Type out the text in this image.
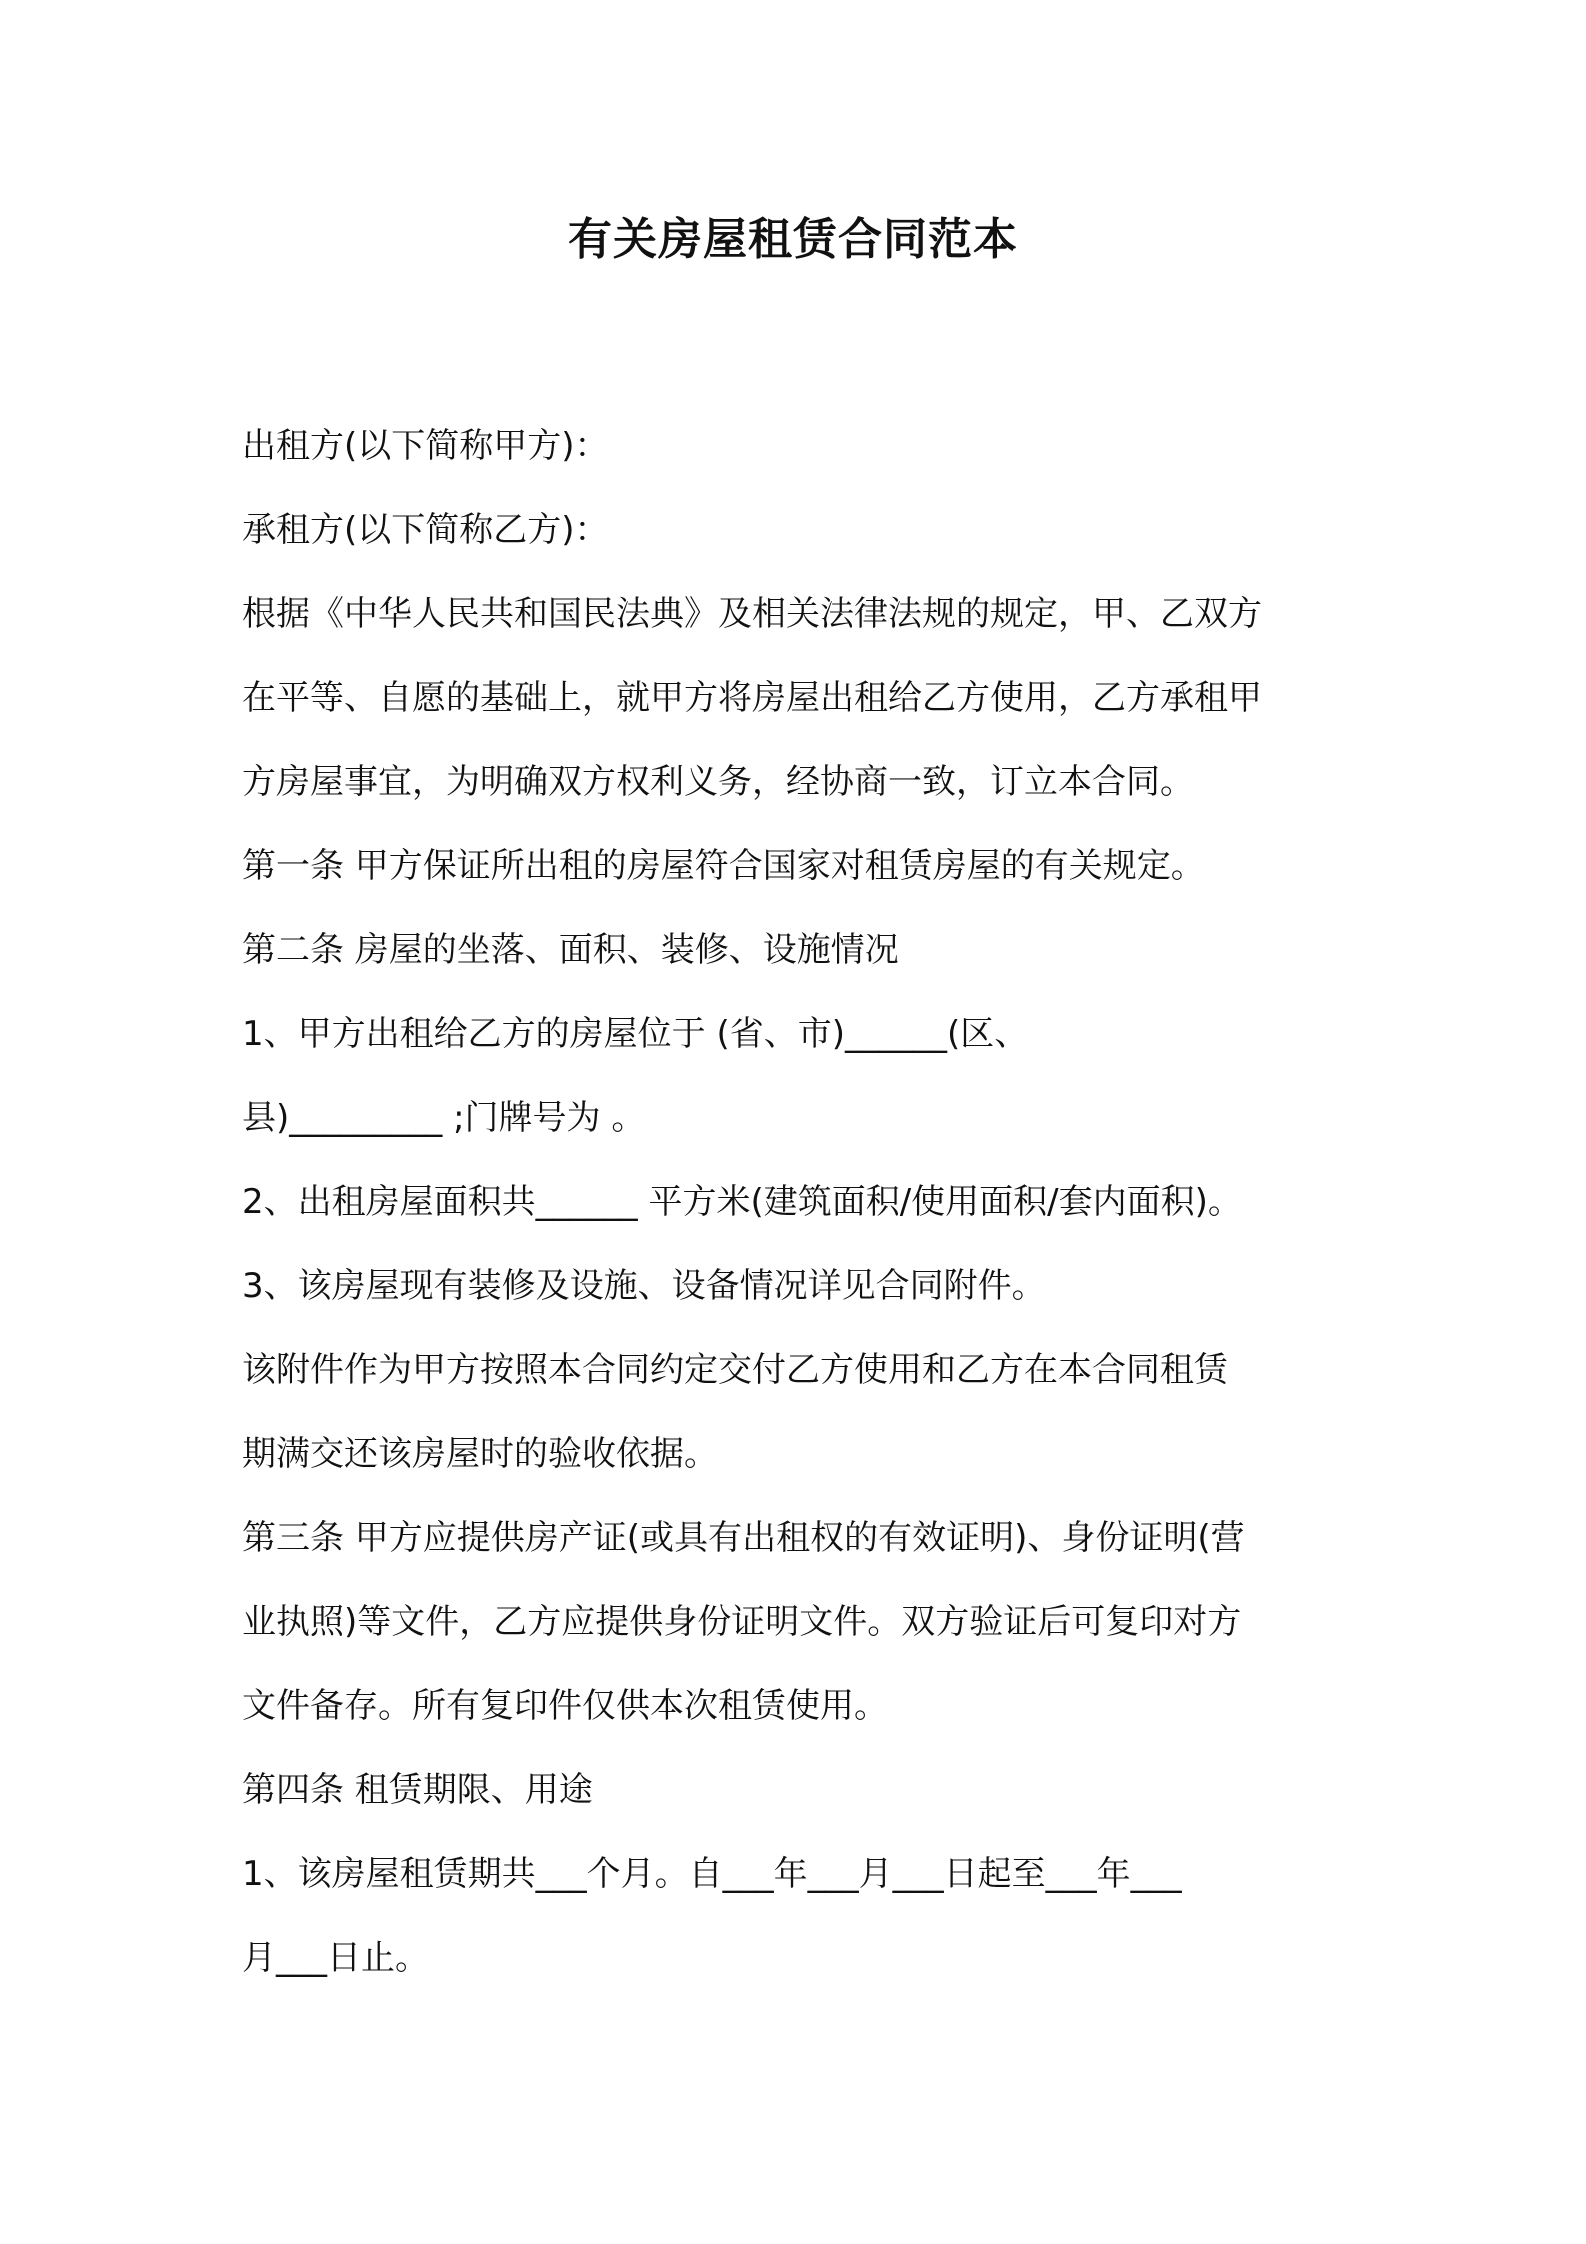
有关房屋租赁合同范本

出租方(以下简称甲方)：

承租方(以下简称乙方)：

根据《中华人民共和国民法典》及相关法律法规的规定，甲、乙双方

在平等、自愿的基础上，就甲方将房屋出租给乙方使用，乙方承租甲

方房屋事宜，为明确双方权利义务，经协商一致，订立本合同。

第一条 甲方保证所出租的房屋符合国家对租赁房屋的有关规定。

第二条 房屋的坐落、面积、装修、设施情况

1、甲方出租给乙方的房屋位于 (省、市)______(区、

县)_________ ;门牌号为 。

2、出租房屋面积共______ 平方米(建筑面积/使用面积/套内面积)。

3、该房屋现有装修及设施、设备情况详见合同附件。

该附件作为甲方按照本合同约定交付乙方使用和乙方在本合同租赁

期满交还该房屋时的验收依据。

第三条 甲方应提供房产证(或具有出租权的有效证明)、身份证明(营

业执照)等文件，乙方应提供身份证明文件。双方验证后可复印对方

文件备存。所有复印件仅供本次租赁使用。

第四条 租赁期限、用途

1、该房屋租赁期共___个月。自___年___月___日起至___年___

月___日止。
